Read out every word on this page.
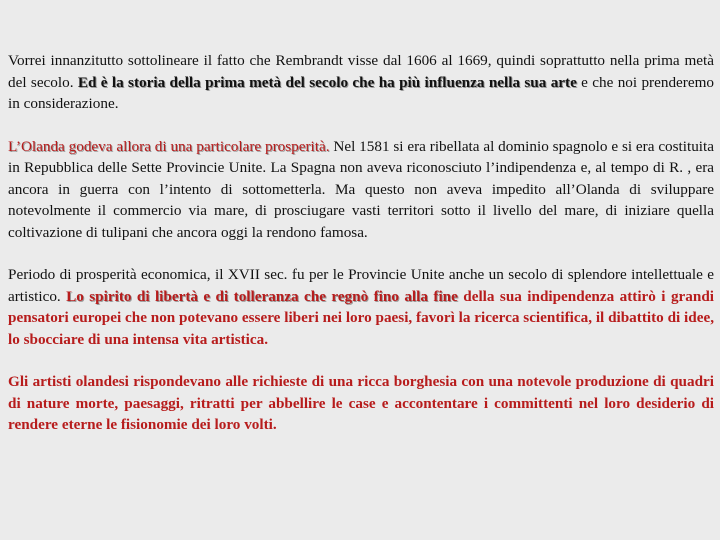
Vorrei innanzitutto sottolineare il fatto che Rembrandt visse dal 1606 al 1669, quindi soprattutto nella prima metà del secolo. Ed è la storia della prima metà del secolo che ha più influenza nella sua arte e che noi prenderemo in considerazione.

L’Olanda godeva allora di una particolare prosperità. Nel 1581 si era ribellata al dominio spagnolo e si era costituita in Repubblica delle Sette Provincie Unite. La Spagna non aveva riconosciuto l’indipendenza e, al tempo di R. , era ancora in guerra con l’intento di sottometterla. Ma questo non aveva impedito all’Olanda di sviluppare notevolmente il commercio via mare, di prosciugare vasti territori sotto il livello del mare, di iniziare quella coltivazione di tulipani che ancora oggi la rendono famosa.

Periodo di prosperità economica, il XVII sec. fu per le Provincie Unite anche un secolo di splendore intellettuale e artistico. Lo spirito di libertà e di tolleranza che regnò fino alla fine della sua indipendenza attirò i grandi pensatori europei che non potevano essere liberi nei loro paesi, favorì la ricerca scientifica, il dibattito di idee, lo sbocciare di una intensa vita artistica.

Gli artisti olandesi rispondevano alle richieste di una ricca borghesia con una notevole produzione di quadri di nature morte, paesaggi, ritratti per abbellire le case e accontentare i committenti nel loro desiderio di rendere eterne le fisionomie dei loro volti.
